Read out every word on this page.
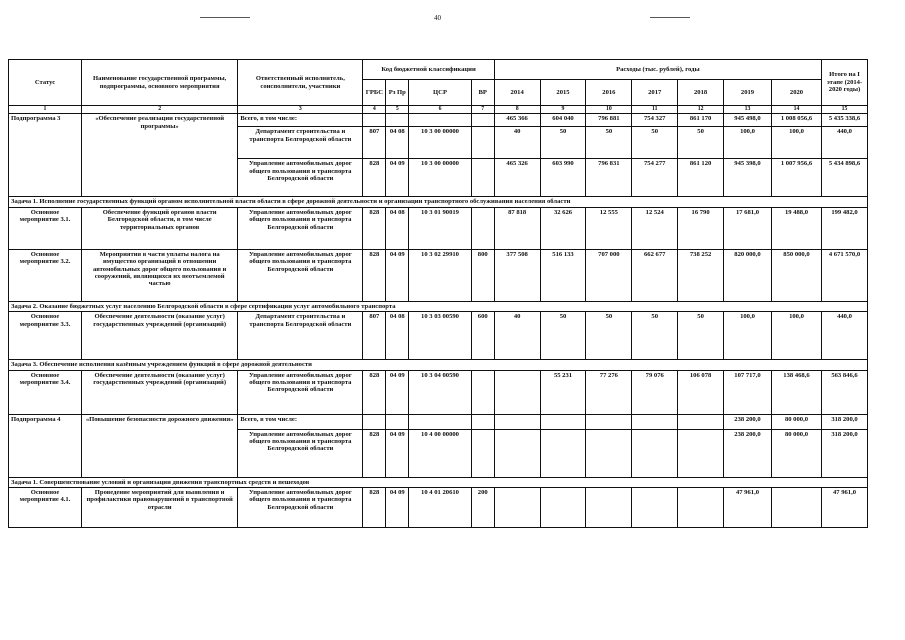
40
Статус	Наименование государственной программы, подпрограммы, основного мероприятия	Ответственный исполнитель, соисполнители, участники	Код бюджетной классификации				Расходы (тыс. рублей), годы							Итого на I этапе (2014-2020 годы)
			ГРБС	Рз Пр	ЦСР	ВР	2014	2015	2016	2017	2018	2019	2020	
1	2	3	4	5	6	7	8	9	10	11	12	13	14	15
Подпрограмма 3	«Обеспечение реализации государственной программы»	Всего, в том числе:					465 366	604 040	796 881	754 327	861 170	945 498,0	1 008 056,6	5 435 338,6
		Департамент строительства и транспорта Белгородской области	807	04 08	10 3 00 00000		40	50	50	50	50	100,0	100,0	440,0
		Управление автомобильных дорог общего пользования и транспорта Белгородской области	828	04 09	10 3 00 00000		465 326	603 990	796 831	754 277	861 120	945 398,0	1 007 956,6	5 434 898,6
Задача 1. Исполнение государственных функций органом исполнительной власти области в сфере дорожной деятельности и организации транспортного обслуживания населения области														
Основное мероприятие 3.1.	Обеспечение функций органов власти Белгородской области, в том числе территориальных органов	Управление автомобильных дорог общего пользования и транспорта Белгородской области	828	04 08	10 3 01 90019		87 818	32 626	12 555	12 524	16 790	17 681,0	19 488,0	199 482,0
Основное мероприятие 3.2.	Мероприятия в части уплаты налога на имущество организаций в отношении автомобильных дорог общего пользования и сооружений, являющихся их неотъемлемой частью	Управление автомобильных дорог общего пользования и транспорта Белгородской области	828	04 09	10 3 02 29910	800	377 508	516 133	707 000	662 677	738 252	820 000,0	850 000,0	4 671 570,0
Задача 2. Оказание бюджетных услуг населению Белгородской области в сфере сертификации услуг автомобильного транспорта														
Основное мероприятие 3.3.	Обеспечение деятельности (оказание услуг) государственных учреждений (организаций)	Департамент строительства и транспорта Белгородской области	807	04 08	10 3 03 00590	600	40	50	50	50	50	100,0	100,0	440,0
Задача 3. Обеспечение исполнения казённым учреждением функций в сфере дорожной деятельности														
Основное мероприятие 3.4.	Обеспечение деятельности (оказание услуг) государственных учреждений (организаций)	Управление автомобильных дорог общего пользования и транспорта Белгородской области	828	04 09	10 3 04 00590			55 231	77 276	79 076	106 078	107 717,0	138 468,6	563 846,6
Подпрограмма 4	«Повышение безопасности дорожного движения»	Всего, в том числе:										238 200,0	80 000,0	318 200,0
		Управление автомобильных дорог общего пользования и транспорта Белгородской области	828	04 09	10 4 00 00000							238 200,0	80 000,0	318 200,0
Задача 1. Совершенствование условий и организации движения транспортных средств и пешеходов														
Основное мероприятие 4.1.	Проведение мероприятий для выявления и профилактики правонарушений в транспортной отрасли	Управление автомобильных дорог общего пользования и транспорта Белгородской области	828	04 09	10 4 01 20610	200						47 961,0		47 961,0
